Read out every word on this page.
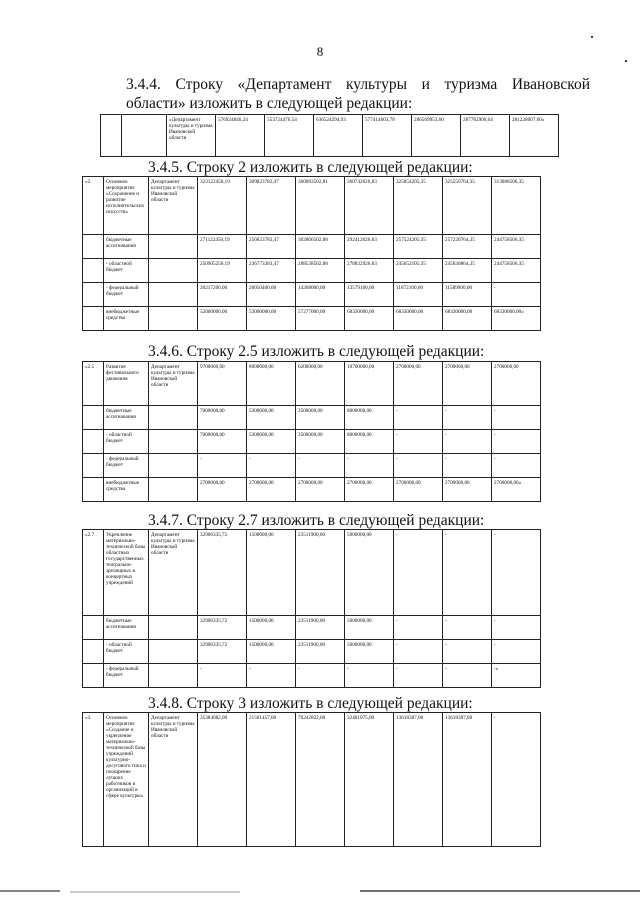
8
3.4.4. Строку «Департамент культуры и туризма Ивановской
области» изложить в следующей редакции:
		«Департамент культуры и туризма Ивановской области	576924846,24	553724470,54	636524294,93	577414603,78	286569953,60	287782900,64	281228007,60»
3.4.5. Строку 2 изложить в следующей редакции:
«2.	Основное мероприятие «Сохранение и развитие исполнительских искусств»	Департамент культуры и туризма Ивановской области	323122450,19	309823783,47	360083502,81	360742026,83	325854205,35	325550764,35	313088506,35
	бюджетные ассигнования		271122450,19	256823783,47	302806502,88	292412026,83	257524205,35	257220764,35	244758506,35
	- областной бюджет		250905250,19	236773383,47	288538502,88	278832926,83	245652105,35	245630864,35	244758506,35
	- федеральный бюджет		20217200,00	20050400,00	14268000,00	13579100,00	11872100,00	11589900,00	-
	внебюджетные средства		52000000,00	53000000,00	57277000,00	68330000,00	68330000,00	68330000,00	68330000,00»
3.4.6. Строку 2.5 изложить в следующей редакции:
«2.5	Развитие фестивального движения	Департамент культуры и туризма Ивановской области	9700000,00	8000000,00	6200000,00	10700000,00	2700000,00	2700000,00	2700000,00
	бюджетные ассигнования		7000000,00	5300000,00	3500000,00	8000000,00	-	-	-
	- областной бюджет		7000000,00	5300000,00	3500000,00	8000000,00	-	-	-
	- федеральный бюджет		-	-	-	-	-	-	-
	внебюджетные средства		2700000,00	2700000,00	2700000,00	2700000,00	2700000,00	2700000,00	2700000,00»
3.4.7. Строку 2.7 изложить в следующей редакции:
«2.7.	Укрепление материально-технической базы областных государственных театрально-зрелищных и концертных учреждений	Департамент культуры и туризма Ивановской области	32906335,72	1500000,00	23511900,00	5000000,00	-	-	-
	бюджетные ассигнования		32906335,72	1500000,00	23511900,00	5000000,00	-	-	-
	- областной бюджет		32906335,72	1500000,00	23511900,00	5000000,00	-	-	-
	- федеральный бюджет		-	-	-	-	-	-	-»
3.4.8. Строку 3 изложить в следующей редакции:
«3.	Основное мероприятие «Создание и укрепление материально-технической базы учреждений культурно-досугового типа и поощрение лучших работников и организаций в сфере культуры»	Департамент культуры и туризма Ивановской области	35384082,00	21501457,00	70242822,00	32401075,00	13618387,00	13618387,00	-
